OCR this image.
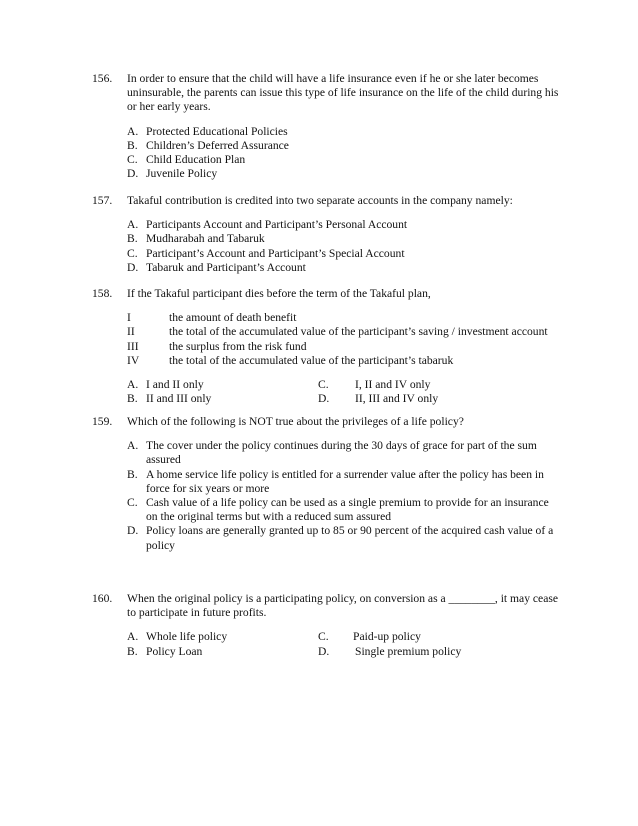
156. In order to ensure that the child will have a life insurance even if he or she later becomes uninsurable, the parents can issue this type of life insurance on the life of the child during his or her early years.
A. Protected Educational Policies
B. Children’s Deferred Assurance
C. Child Education Plan
D. Juvenile Policy
157. Takaful contribution is credited into two separate accounts in the company namely:
A. Participants Account and Participant’s Personal Account
B. Mudharabah and Tabaruk
C. Participant’s Account and Participant’s Special Account
D. Tabaruk and Participant’s Account
158. If the Takaful participant dies before the term of the Takaful plan,
I	the amount of death benefit
II	the total of the accumulated value of the participant’s saving / investment account
III	the surplus from the risk fund
IV	the total of the accumulated value of the participant’s tabaruk
A. I and II only	C. I, II and IV only
B. II and III only	D. II, III and IV only
159. Which of the following is NOT true about the privileges of a life policy?
A. The cover under the policy continues during the 30 days of grace for part of the sum assured
B. A home service life policy is entitled for a surrender value after the policy has been in force for six years or more
C. Cash value of a life policy can be used as a single premium to provide for an insurance on the original terms but with a reduced sum assured
D. Policy loans are generally granted up to 85 or 90 percent of the acquired cash value of a policy
160. When the original policy is a participating policy, on conversion as a ________, it may cease to participate in future profits.
A. Whole life policy	C. Paid-up policy
B. Policy Loan	D. Single premium policy
